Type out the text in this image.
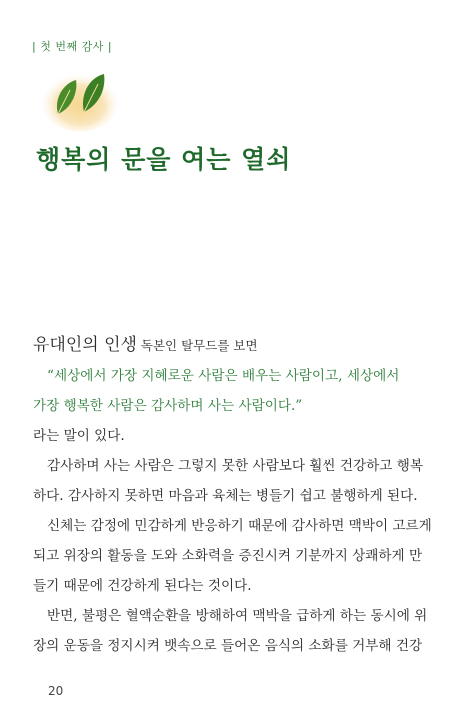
| 첫 번째 감사 |
행복의 문을 여는 열쇠
유대인의 인생 독본인 탈무드를 보면
“세상에서 가장 지혜로운 사람은 배우는 사람이고, 세상에서
가장 행복한 사람은 감사하며 사는 사람이다.”
라는 말이 있다.
감사하며 사는 사람은 그렇지 못한 사람보다 훨씬 건강하고 행복
하다. 감사하지 못하면 마음과 육체는 병들기 쉽고 불행하게 된다.
신체는 감정에 민감하게 반응하기 때문에 감사하면 맥박이 고르게
되고 위장의 활동을 도와 소화력을 증진시켜 기분까지 상쾌하게 만
들기 때문에 건강하게 된다는 것이다.
반면, 불평은 혈액순환을 방해하여 맥박을 급하게 하는 동시에 위
장의 운동을 정지시켜 뱃속으로 들어온 음식의 소화를 거부해 건강
20
